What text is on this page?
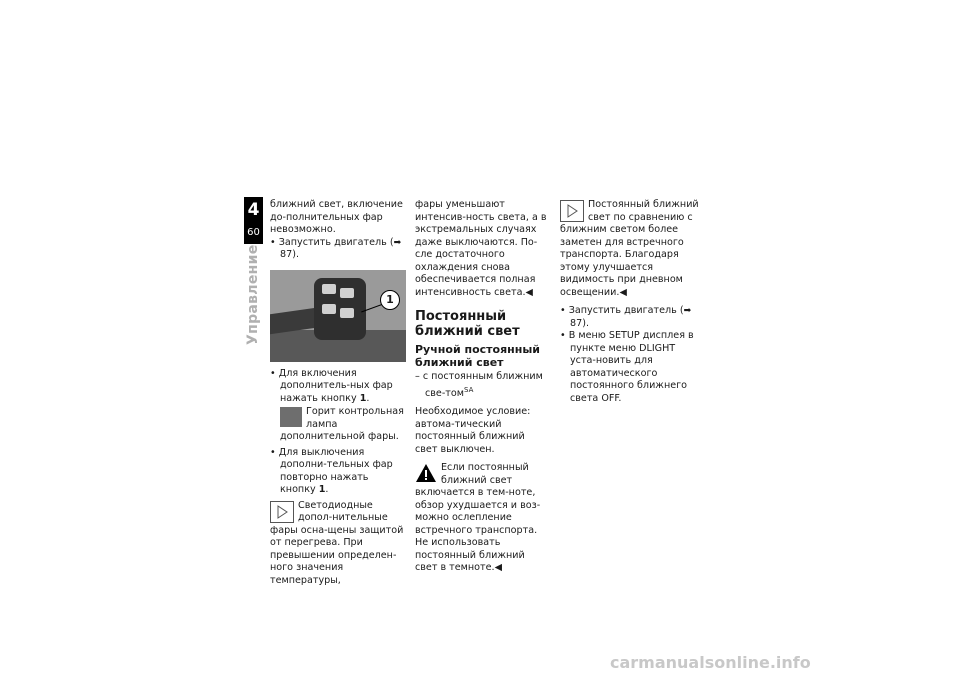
4
60
Управление

ближний свет, включение до-полнительных фар невозможно.

• Запустить двигатель (➡ 87).

1

• Для включения дополнитель-ных фар нажать кнопку 1.

Горит контрольная лампа дополнительной фары.

• Для выключения дополни-тельных фар повторно нажать кнопку 1.

Светодиодные допол-нительные фары осна-щены защитой от перегрева. При превышении определен-ного значения температуры,

фары уменьшают интенсив-ность света, а в экстремальных случаях даже выключаются. По-сле достаточного охлаждения снова обеспечивается полная интенсивность света.◀

Постоянный ближний свет

Ручной постоянный ближний свет

– с постоянным ближним све-том$^{SA}$

Необходимое условие: автома-тический постоянный ближний свет выключен.

Если постоянный ближний свет включается в тем-ноте, обзор ухудшается и воз-можно ослепление встречного транспорта.

Не использовать постоянный ближний свет в темноте.◀

Постоянный ближний свет по сравнению с ближним светом более заметен для встречного транспорта. Благодаря этому улучшается видимость при дневном освещении.◀

• Запустить двигатель (➡ 87).

• В меню SETUP дисплея в пункте меню DLIGHT уста-новить для автоматического постоянного ближнего света OFF.

carmanualsonline.info
